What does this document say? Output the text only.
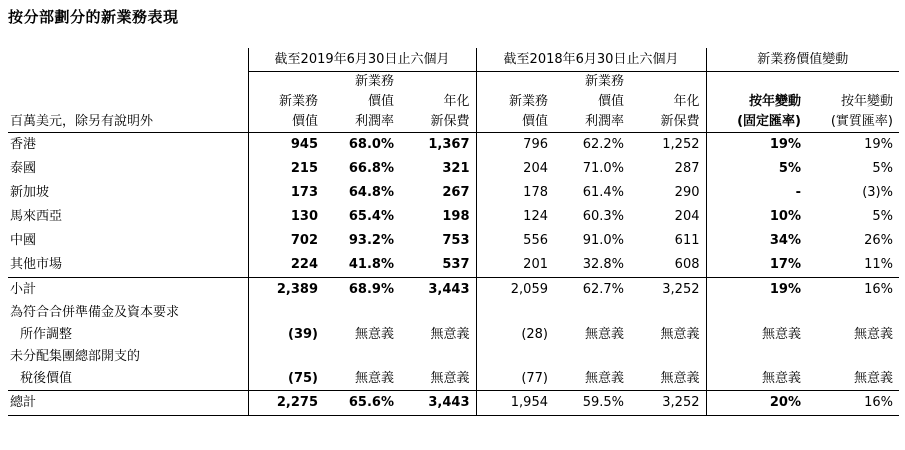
按分部劃分的新業務表現
	截至2019年6月30日止六個月			截至2018年6月30日止六個月			新業務價值變動	
		新業務			新業務			
	新業務	價值	年化	新業務	價值	年化	按年變動	按年變動
百萬美元，除另有說明外	價值	利潤率	新保費	價值	利潤率	新保費	(固定匯率)	(實質匯率)
香港	945	68.0%	1,367	796	62.2%	1,252	19%	19%
泰國	215	66.8%	321	204	71.0%	287	5%	5%
新加坡	173	64.8%	267	178	61.4%	290	-	(3)%
馬來西亞	130	65.4%	198	124	60.3%	204	10%	5%
中國	702	93.2%	753	556	91.0%	611	34%	26%
其他市場	224	41.8%	537	201	32.8%	608	17%	11%
小計	2,389	68.9%	3,443	2,059	62.7%	3,252	19%	16%
為符合合併準備金及資本要求								
所作調整	(39)	無意義	無意義	(28)	無意義	無意義	無意義	無意義
未分配集團總部開支的								
稅後價值	(75)	無意義	無意義	(77)	無意義	無意義	無意義	無意義
總計	2,275	65.6%	3,443	1,954	59.5%	3,252	20%	16%
